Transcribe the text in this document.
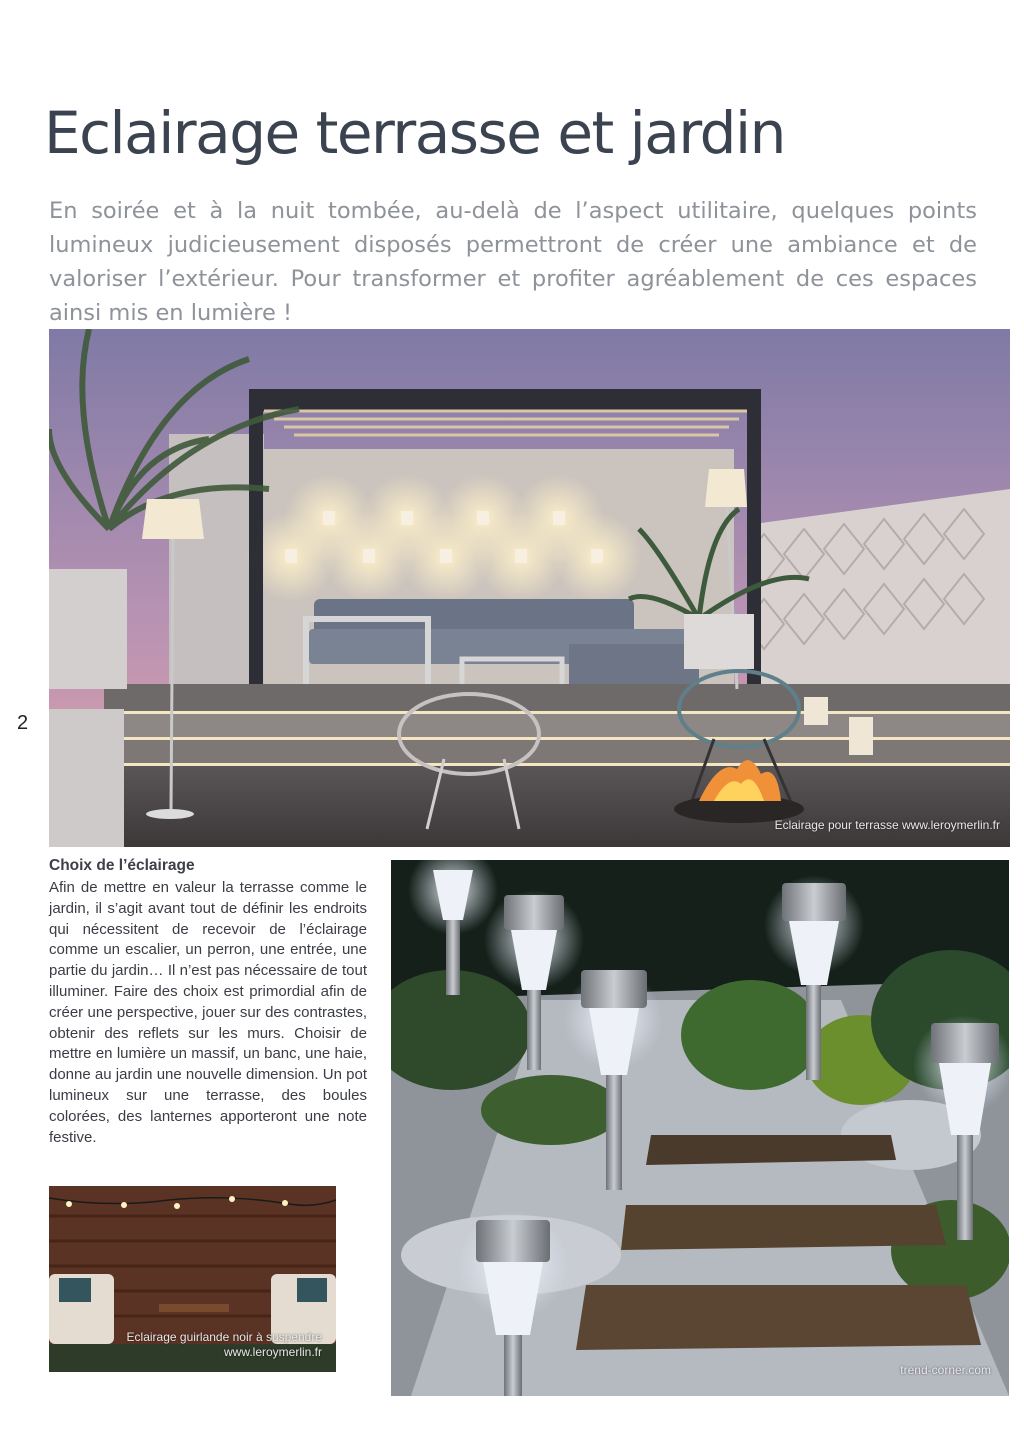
Eclairage terrasse et jardin

En soirée et à la nuit tombée, au-delà de l’aspect utilitaire, quelques points lumineux judicieusement disposés permettront de créer une ambiance et de valoriser l’extérieur. Pour transformer et profiter agréablement de ces espaces ainsi mis en lumière !

2
Eclairage pour terrasse www.leroymerlin.fr
Choix de l’éclairage

Afin de mettre en valeur la terrasse comme le jardin, il s’agit avant tout de définir les endroits qui nécessitent de recevoir de l’éclairage comme un escalier, un perron, une entrée, une partie du jardin… Il n’est pas nécessaire de tout illuminer. Faire des choix est primordial afin de créer une perspective, jouer sur des contrastes, obtenir des reflets sur les murs. Choisir de mettre en lumière un massif, un banc, une haie, donne au jardin une nouvelle dimension. Un pot lumineux sur une terrasse, des boules colorées, des lanternes apporteront une note festive.

Eclairage guirlande noir à suspendre
www.leroymerlin.fr
trend-corner.com
